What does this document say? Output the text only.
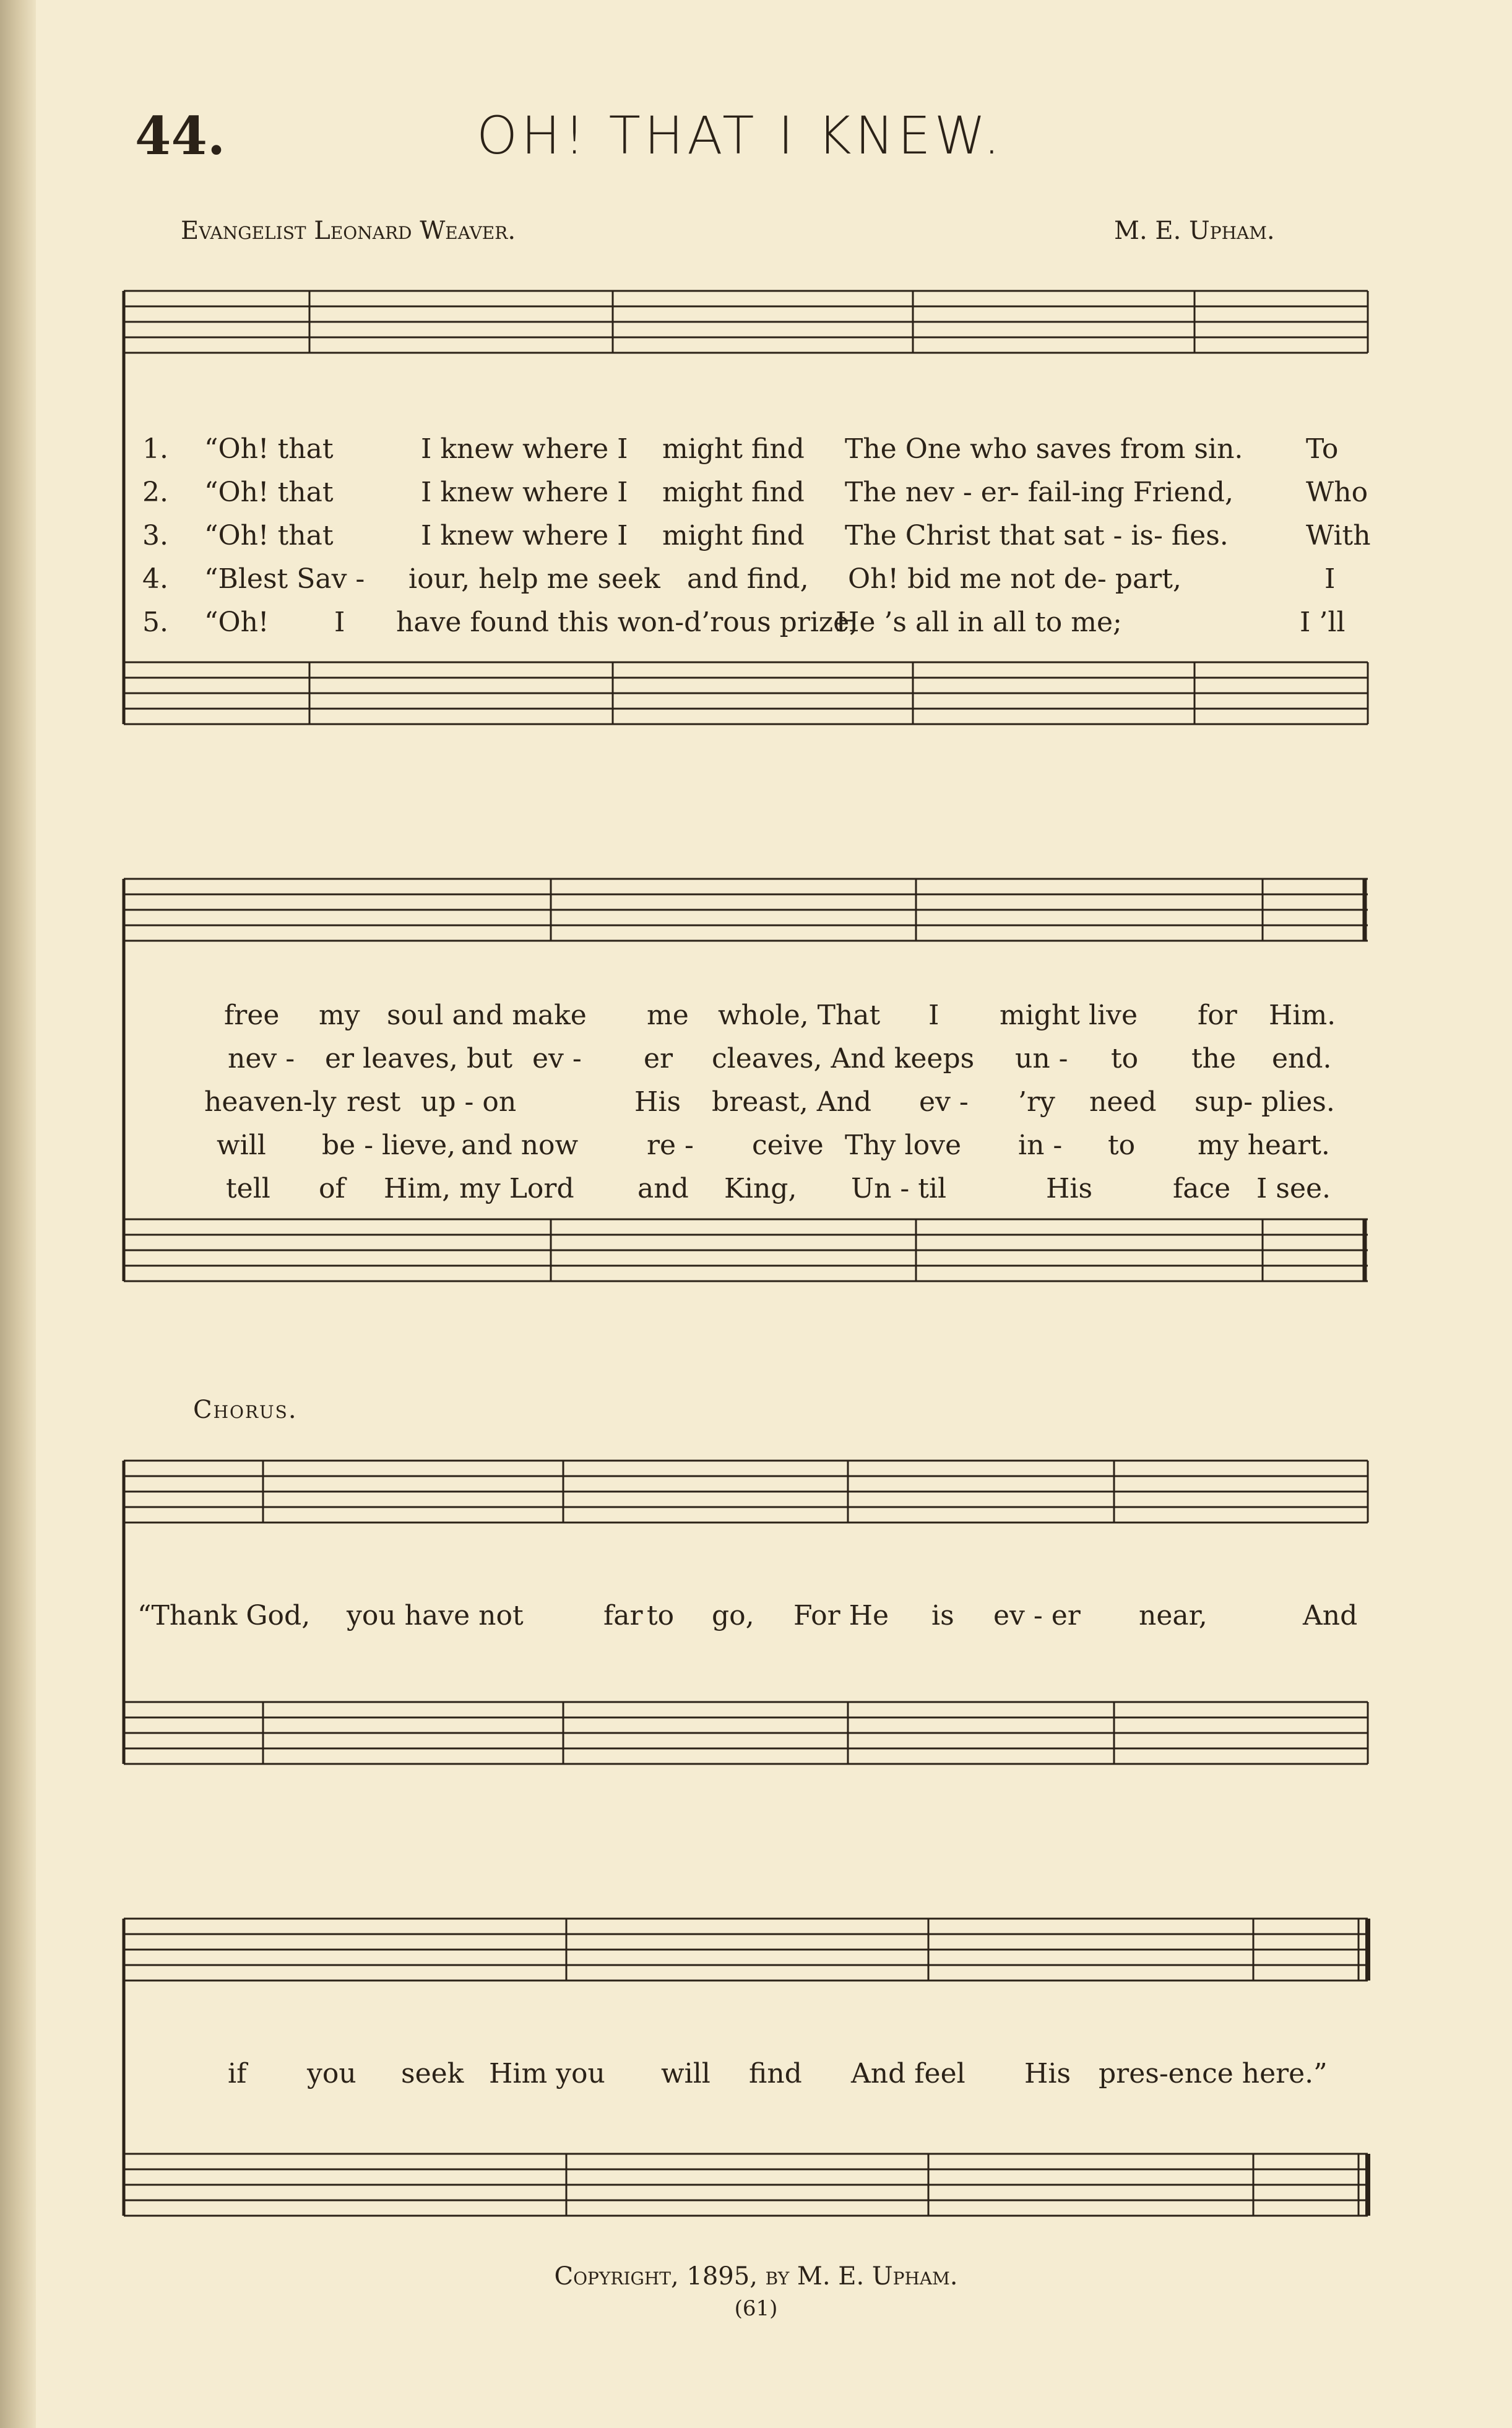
44.	OH! THAT I KNEW.
Evangelist Leonard Weaver.	M. E. Upham.
1. “Oh! that	I knew where I might find The One who saves from sin. To
2. “Oh! that	I knew where I might find The nev - er- fail-ing Friend,	Who
3. “Oh! that	I knew where I might find The Christ that sat - is- fies.	With
4. “Blest Sav - iour, help me seek and find, Oh! bid me not de- part,	I
5. “Oh! I have found this won-d’rous prize,
He ’s all in all to me;	I ’ll
free my soul and make me whole, That I might live for Him.
nev - er leaves, but ev - er cleaves, And keeps un - to the end.
heaven-ly rest up - on	His breast, And ev - ’ry need sup- plies.
will be - lieve, and now	re - ceive Thy love in - to my heart.
tell of Him, my Lord and King, Un - til	His	face I see.
Chorus.
“Thank God, you have not	far to go, For He is ev - er near,	And
if you seek Him you will find And feel His pres-ence here.”
Copyright, 1895, by M. E. Upham.
(61)
